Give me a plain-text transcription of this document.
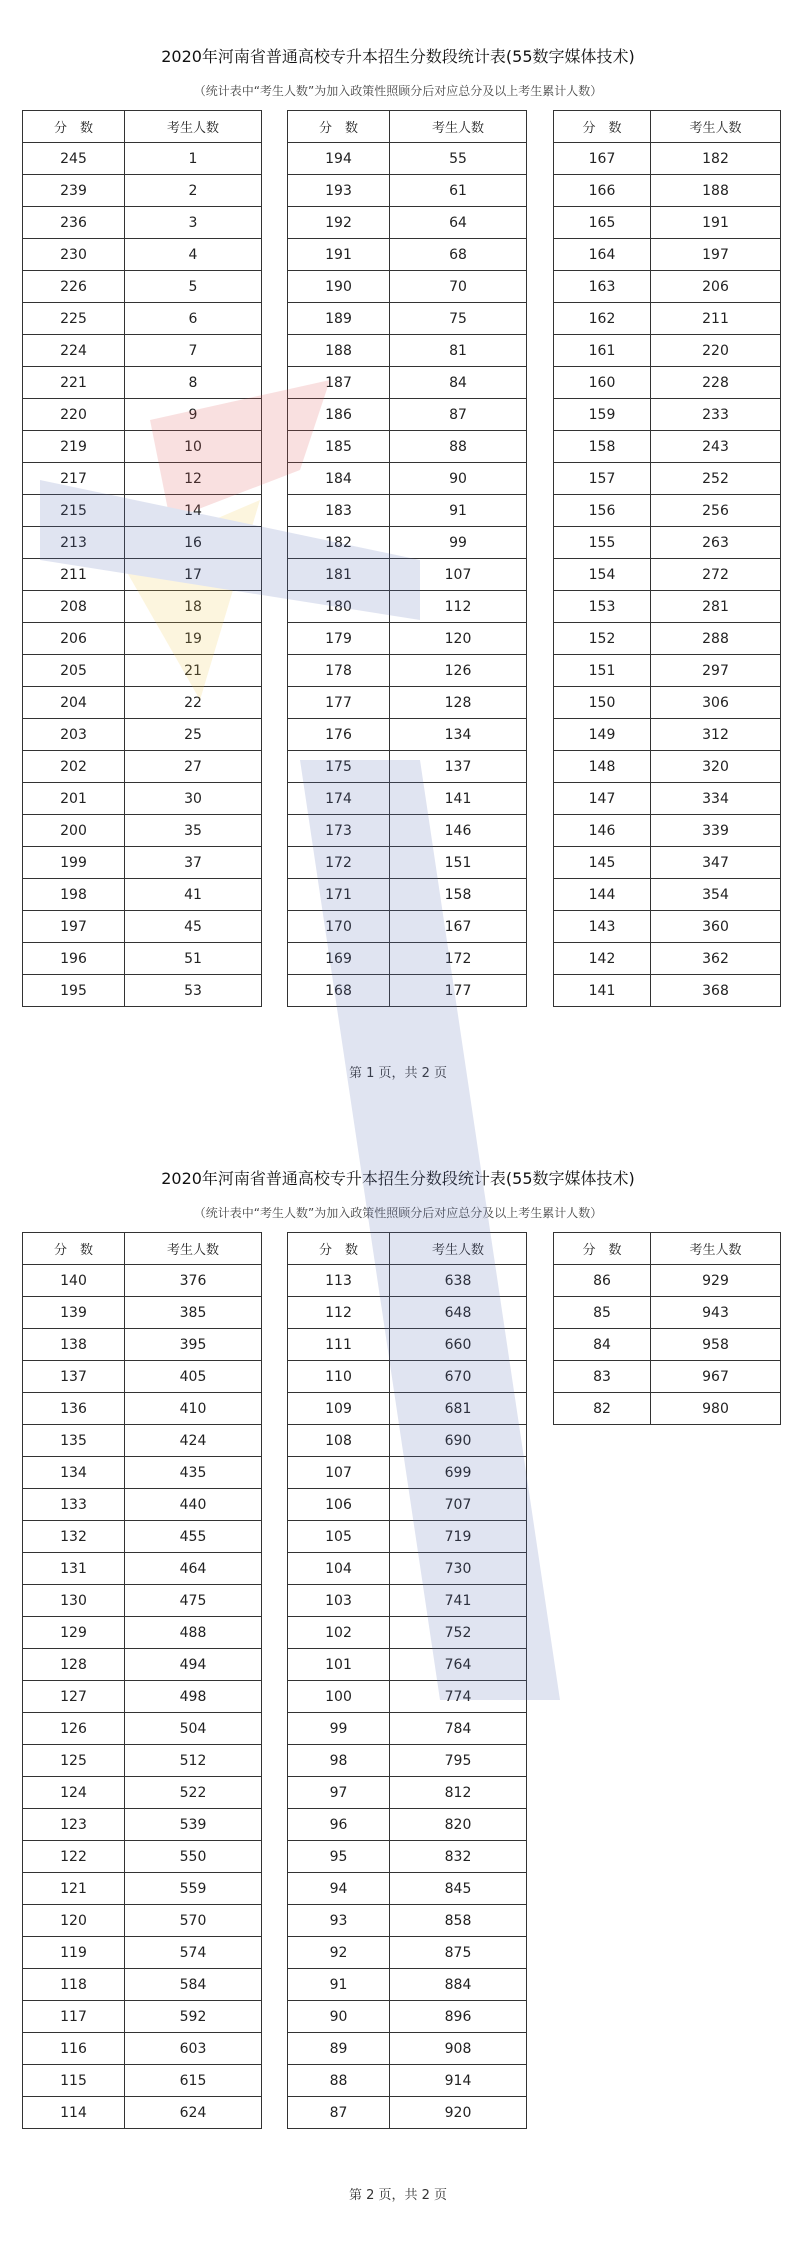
2020年河南省普通高校专升本招生分数段统计表(55数字媒体技术)
（统计表中“考生人数”为加入政策性照顾分后对应总分及以上考生累计人数）
分　数	考生人数
245	1
239	2
236	3
230	4
226	5
225	6
224	7
221	8
220	9
219	10
217	12
215	14
213	16
211	17
208	18
206	19
205	21
204	22
203	25
202	27
201	30
200	35
199	37
198	41
197	45
196	51
195	53
分　数	考生人数
194	55
193	61
192	64
191	68
190	70
189	75
188	81
187	84
186	87
185	88
184	90
183	91
182	99
181	107
180	112
179	120
178	126
177	128
176	134
175	137
174	141
173	146
172	151
171	158
170	167
169	172
168	177
分　数	考生人数
167	182
166	188
165	191
164	197
163	206
162	211
161	220
160	228
159	233
158	243
157	252
156	256
155	263
154	272
153	281
152	288
151	297
150	306
149	312
148	320
147	334
146	339
145	347
144	354
143	360
142	362
141	368
第 1 页，共 2 页
2020年河南省普通高校专升本招生分数段统计表(55数字媒体技术)
（统计表中“考生人数”为加入政策性照顾分后对应总分及以上考生累计人数）
分　数	考生人数
140	376
139	385
138	395
137	405
136	410
135	424
134	435
133	440
132	455
131	464
130	475
129	488
128	494
127	498
126	504
125	512
124	522
123	539
122	550
121	559
120	570
119	574
118	584
117	592
116	603
115	615
114	624
分　数	考生人数
113	638
112	648
111	660
110	670
109	681
108	690
107	699
106	707
105	719
104	730
103	741
102	752
101	764
100	774
99	784
98	795
97	812
96	820
95	832
94	845
93	858
92	875
91	884
90	896
89	908
88	914
87	920
分　数	考生人数
86	929
85	943
84	958
83	967
82	980
第 2 页，共 2 页
